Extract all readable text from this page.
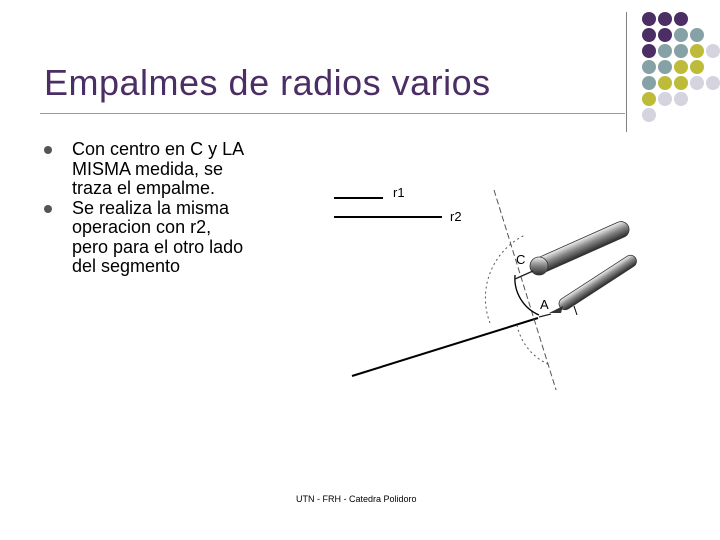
Empalmes de radios varios
Con centro en C y LA MISMA medida, se traza el empalme.
Se realiza la misma operacion con r2, pero para el otro lado del segmento
r1
r2
C
A
UTN - FRH - Catedra Polidoro
